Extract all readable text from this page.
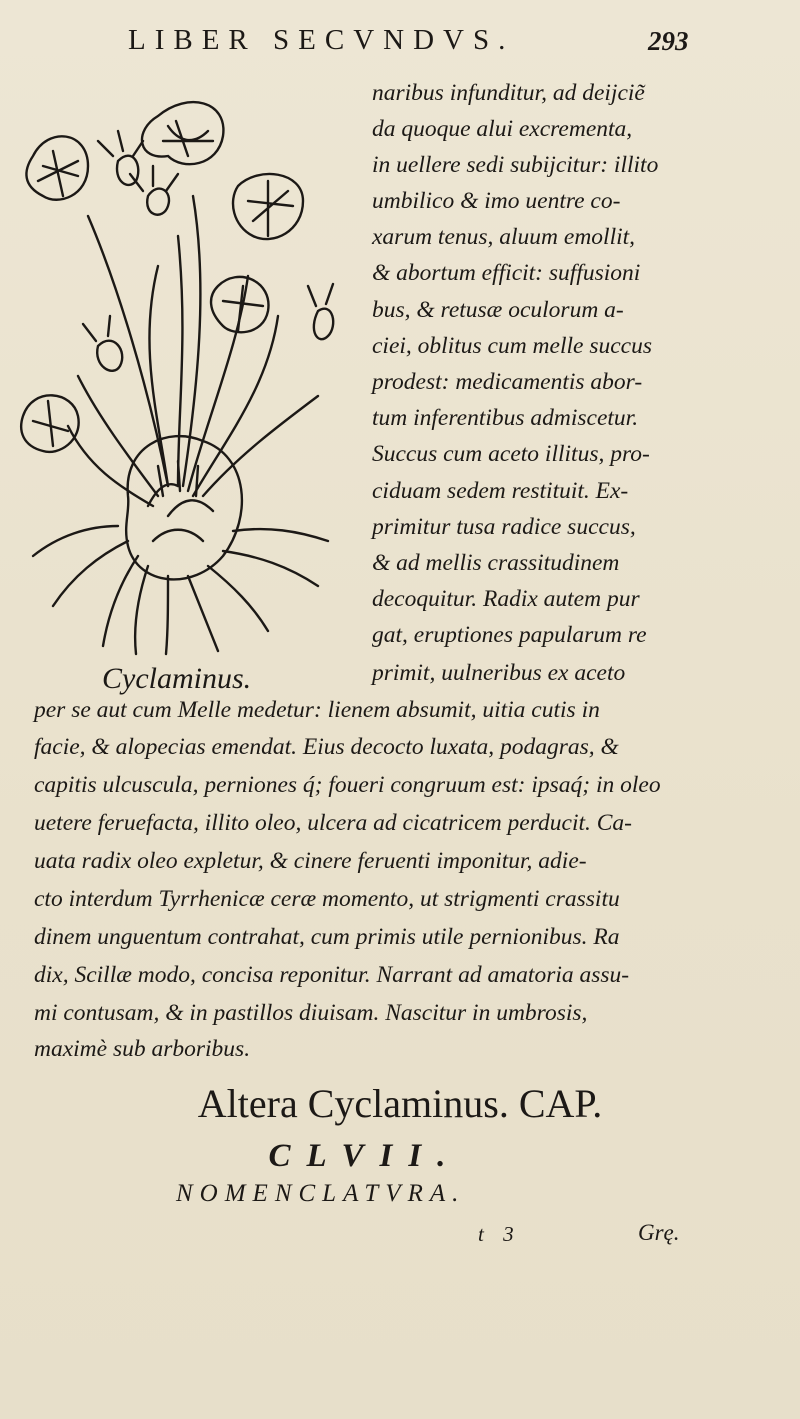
LIBER SECVNDVS.	293
Cyclaminus.
naribus infunditur, ad deijcie͂
da quoque alui excrementa,
in uellere sedi subijcitur: illito
umbilico & imo uentre co-
xarum tenus, aluum emollit,
& abortum efficit: suffusioni
bus, & retusæ oculorum a-
ciei, oblitus cum melle succus
prodest: medicamentis abor-
tum inferentibus admiscetur.
Succus cum aceto illitus, pro-
ciduam sedem restituit. Ex-
primitur tusa radice succus,
& ad mellis crassitudinem
decoquitur. Radix autem pur
gat, eruptiones papularum re
primit, uulneribus ex aceto
per se aut cum Melle medetur: lienem absumit, uitia cutis in
facie, & alopecias emendat. Eius decocto luxata, podagras, &
capitis ulcuscula, perniones q́; foueri congruum est: ipsaq́; in oleo
uetere feruefacta, illito oleo, ulcera ad cicatricem perducit. Ca-
uata radix oleo expletur, & cinere feruenti imponitur, adie-
cto interdum Tyrrhenicæ ceræ momento, ut strigmenti crassitu
dinem unguentum contrahat, cum primis utile pernionibus. Ra
dix, Scillæ modo, concisa reponitur. Narrant ad amatoria assu-
mi contusam, & in pastillos diuisam. Nascitur in umbrosis,
maximè sub arboribus.
Altera Cyclaminus. CAP.
CLVII.
NOMENCLATVRA.
t 3	Grę.
